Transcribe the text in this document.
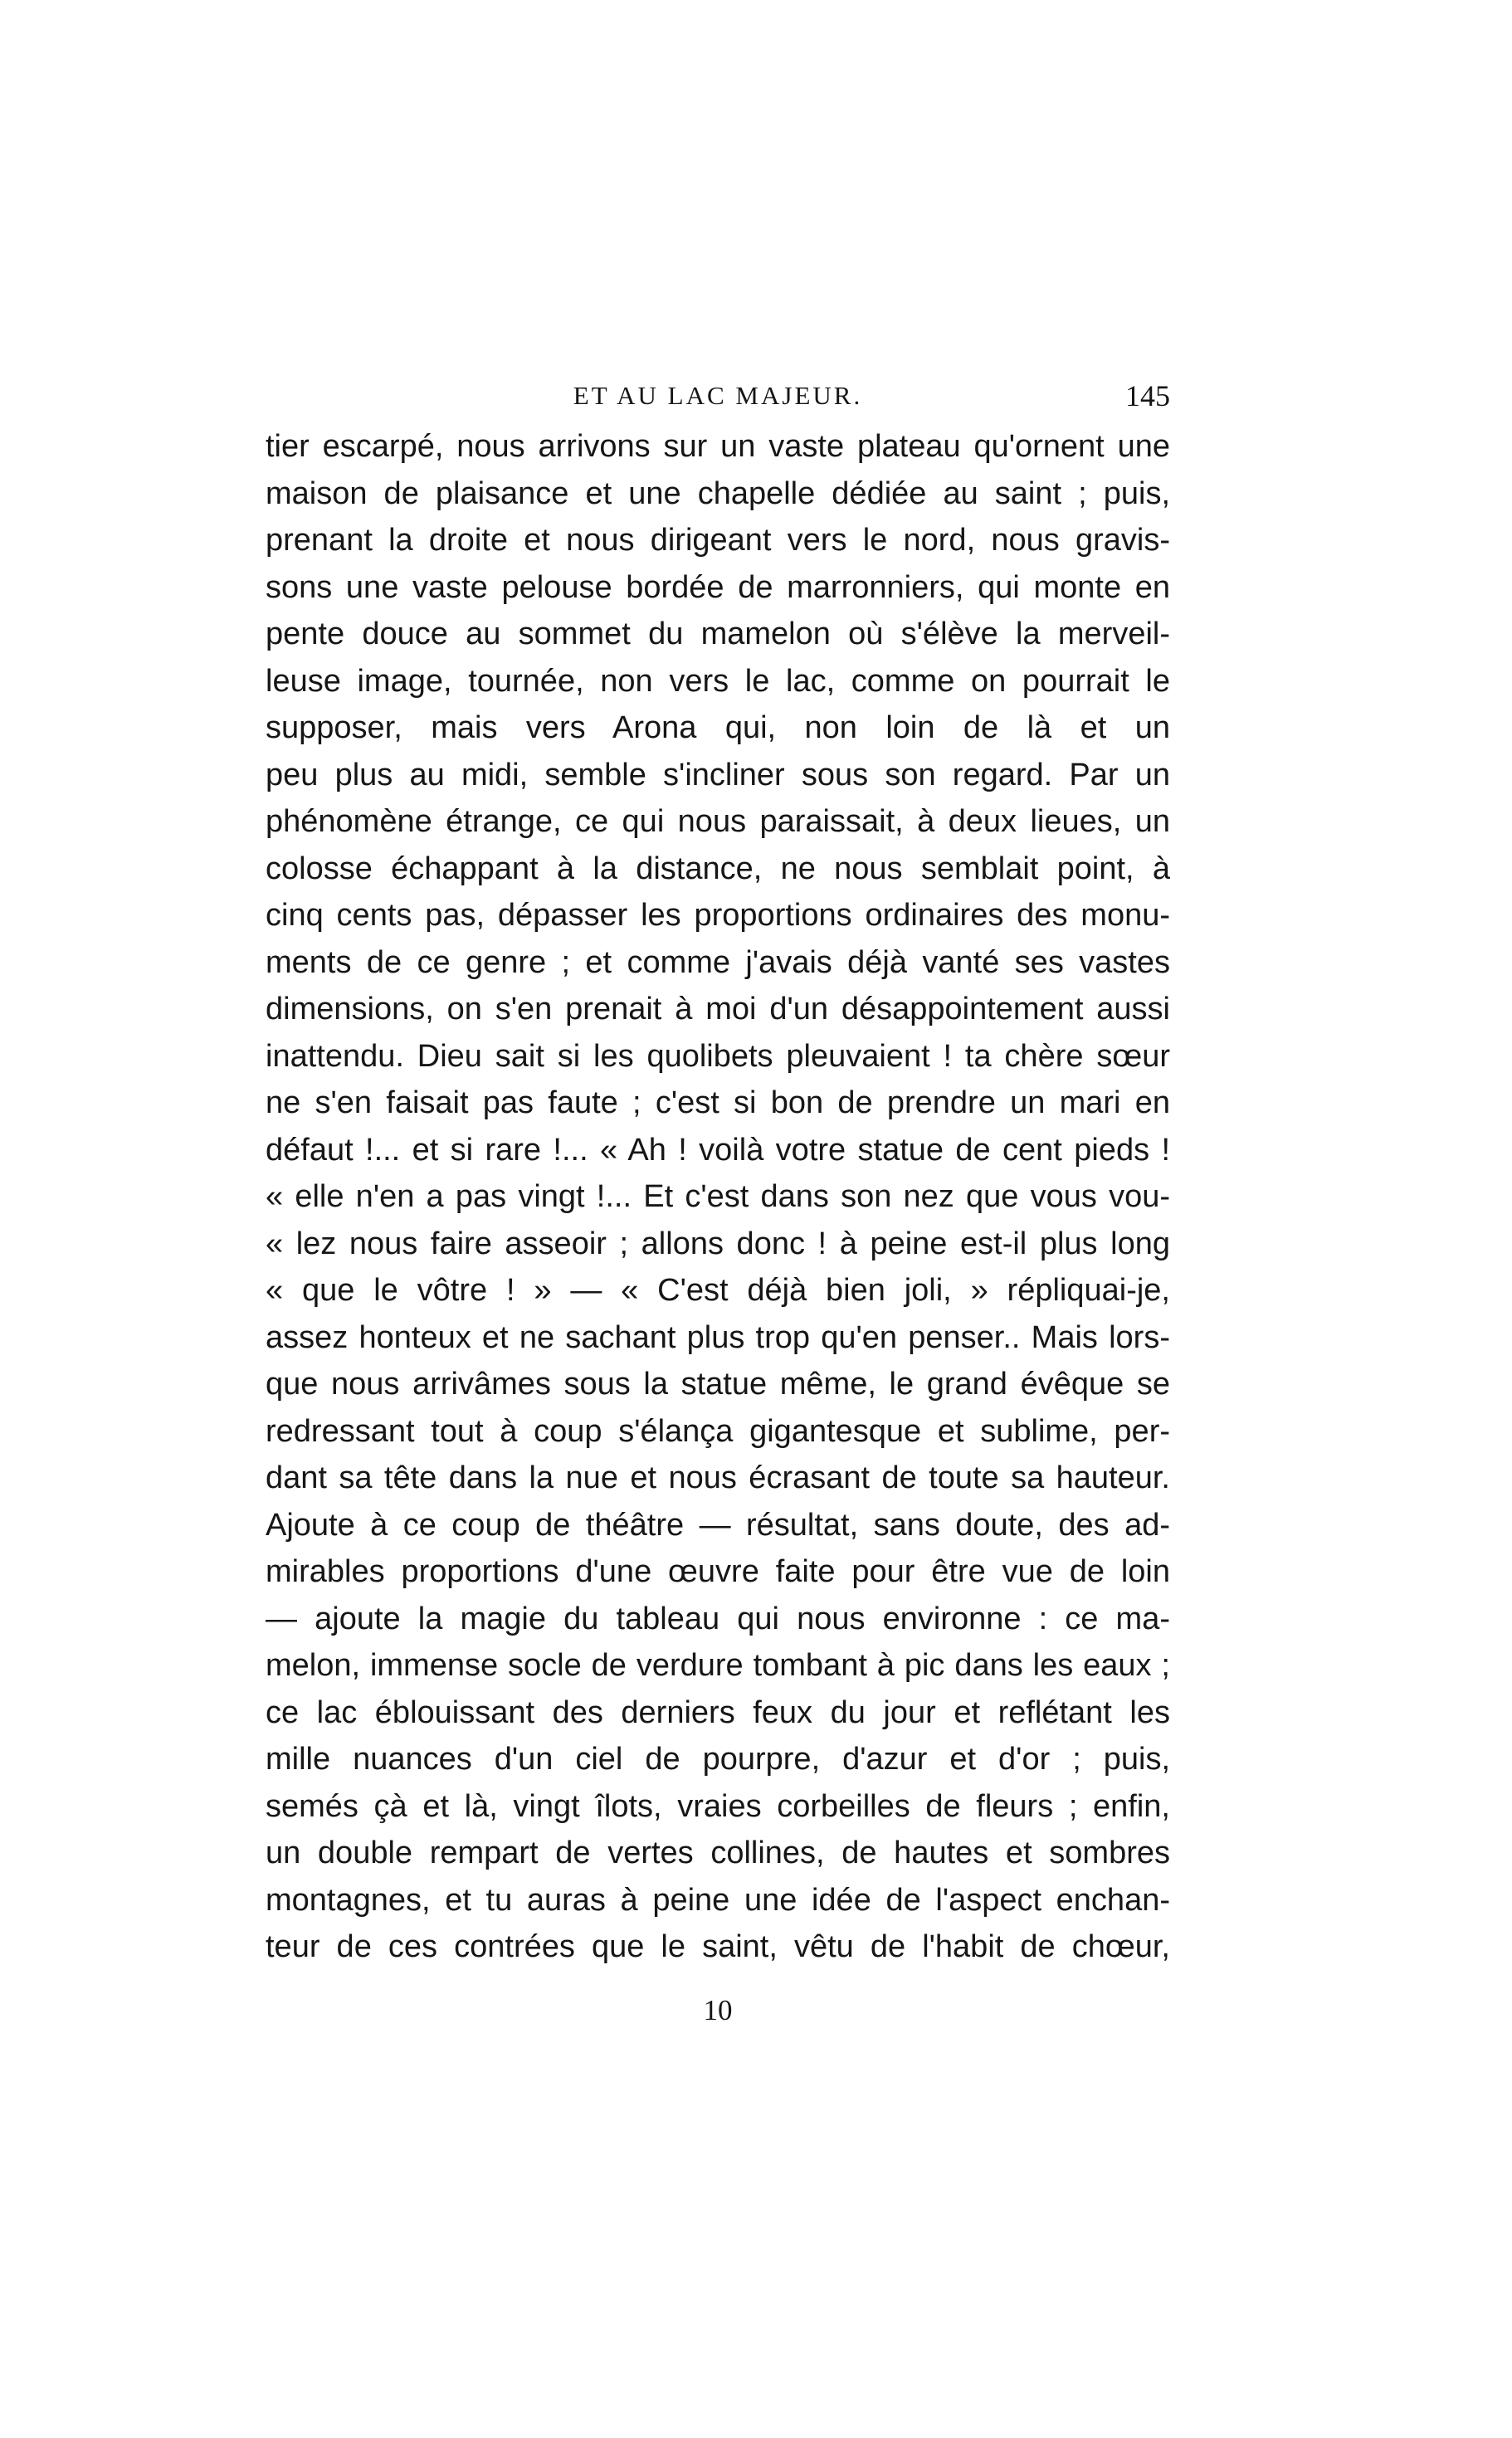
ET AU LAC MAJEUR.	145
tier escarpé, nous arrivons sur un vaste plateau qu'ornent une
maison de plaisance et une chapelle dédiée au saint ; puis,
prenant la droite et nous dirigeant vers le nord, nous gravis-
sons une vaste pelouse bordée de marronniers, qui monte en
pente douce au sommet du mamelon où s'élève la merveil-
leuse image, tournée, non vers le lac, comme on pourrait le
supposer, mais vers Arona qui, non loin de là et un
peu plus au midi, semble s'incliner sous son regard. Par un
phénomène étrange, ce qui nous paraissait, à deux lieues, un
colosse échappant à la distance, ne nous semblait point, à
cinq cents pas, dépasser les proportions ordinaires des monu-
ments de ce genre ; et comme j'avais déjà vanté ses vastes
dimensions, on s'en prenait à moi d'un désappointement aussi
inattendu. Dieu sait si les quolibets pleuvaient ! ta chère sœur
ne s'en faisait pas faute ; c'est si bon de prendre un mari en
défaut !... et si rare !... « Ah ! voilà votre statue de cent pieds !
« elle n'en a pas vingt !... Et c'est dans son nez que vous vou-
« lez nous faire asseoir ; allons donc ! à peine est-il plus long
« que le vôtre ! » — « C'est déjà bien joli, » répliquai-je,
assez honteux et ne sachant plus trop qu'en penser.. Mais lors-
que nous arrivâmes sous la statue même, le grand évêque se
redressant tout à coup s'élança gigantesque et sublime, per-
dant sa tête dans la nue et nous écrasant de toute sa hauteur.
Ajoute à ce coup de théâtre — résultat, sans doute, des ad-
mirables proportions d'une œuvre faite pour être vue de loin
— ajoute la magie du tableau qui nous environne : ce ma-
melon, immense socle de verdure tombant à pic dans les eaux ;
ce lac éblouissant des derniers feux du jour et reflétant les
mille nuances d'un ciel de pourpre, d'azur et d'or ; puis,
semés çà et là, vingt îlots, vraies corbeilles de fleurs ; enfin,
un double rempart de vertes collines, de hautes et sombres
montagnes, et tu auras à peine une idée de l'aspect enchan-
teur de ces contrées que le saint, vêtu de l'habit de chœur,
10
